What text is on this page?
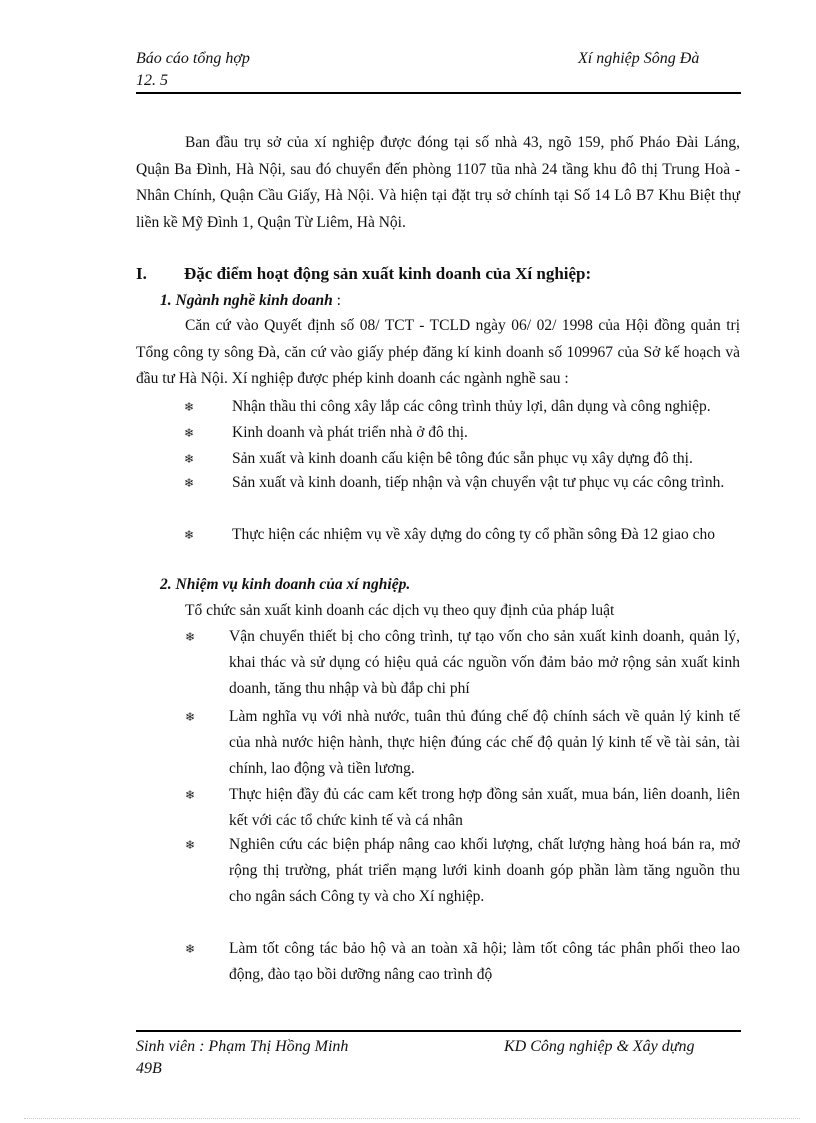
Báo cáo tổng hợp
12. 5
Xí nghiệp Sông Đà

Ban đầu trụ sở của xí nghiệp được đóng tại số nhà 43, ngõ 159, phố Pháo Đài Láng, Quận Ba Đình, Hà Nội, sau đó chuyển đến phòng 1107 tũa nhà 24 tầng khu đô thị Trung Hoà - Nhân Chính, Quận Cầu Giấy, Hà Nội. Và hiện tại đặt trụ sở chính tại Số 14 Lô B7 Khu Biệt thự liền kề Mỹ Đình 1, Quận Từ Liêm, Hà Nội.

I. Đặc điểm hoạt động sản xuất kinh doanh của Xí nghiệp:
1. Ngành nghề kinh doanh :

Căn cứ vào Quyết định số 08/ TCT - TCLD ngày 06/ 02/ 1998 của Hội đồng quản trị Tổng công ty sông Đà, căn cứ vào giấy phép đăng kí kinh doanh số 109967 của Sở kế hoạch và đầu tư Hà Nội. Xí nghiệp được phép kinh doanh các ngành nghề sau :

❄ Nhận thầu thi công xây lắp các công trình thủy lợi, dân dụng và công nghiệp.
❄ Kinh doanh và phát triển nhà ở đô thị.
❄ Sản xuất và kinh doanh cấu kiện bê tông đúc sẵn phục vụ xây dựng đô thị.
❄ Sản xuất và kinh doanh, tiếp nhận và vận chuyển vật tư phục vụ các công trình.
❄ Thực hiện các nhiệm vụ về xây dựng do công ty cổ phần sông Đà 12 giao cho
2. Nhiệm vụ kinh doanh của xí nghiệp.

Tổ chức sản xuất kinh doanh các dịch vụ theo quy định của pháp luật

❄	Vận chuyển thiết bị cho công trình, tự tạo vốn cho sản xuất kinh doanh, quản lý, khai thác và sử dụng có hiệu quả các nguồn vốn đảm bảo mở rộng sản xuất kinh doanh, tăng thu nhập và bù đắp chi phí
❄	Làm nghĩa vụ với nhà nước, tuân thủ đúng chế độ chính sách về quản lý kinh tế của nhà nước hiện hành, thực hiện đúng các chế độ quản lý kinh tế về tài sản, tài chính, lao động và tiền lương.
❄	Thực hiện đầy đủ các cam kết trong hợp đồng sản xuất, mua bán, liên doanh, liên kết với các tổ chức kinh tế và cá nhân
❄	Nghiên cứu các biện pháp nâng cao khối lượng, chất lượng hàng hoá bán ra, mở rộng thị trường, phát triển mạng lưới kinh doanh góp phần làm tăng nguồn thu cho ngân sách Công ty và cho Xí nghiệp.
❄	Làm tốt công tác bảo hộ và an toàn xã hội; làm tốt công tác phân phối theo lao động, đào tạo bồi dưỡng nâng cao trình độ
Sinh viên : Phạm Thị Hồng Minh
49B
KD Công nghiệp & Xây dựng
